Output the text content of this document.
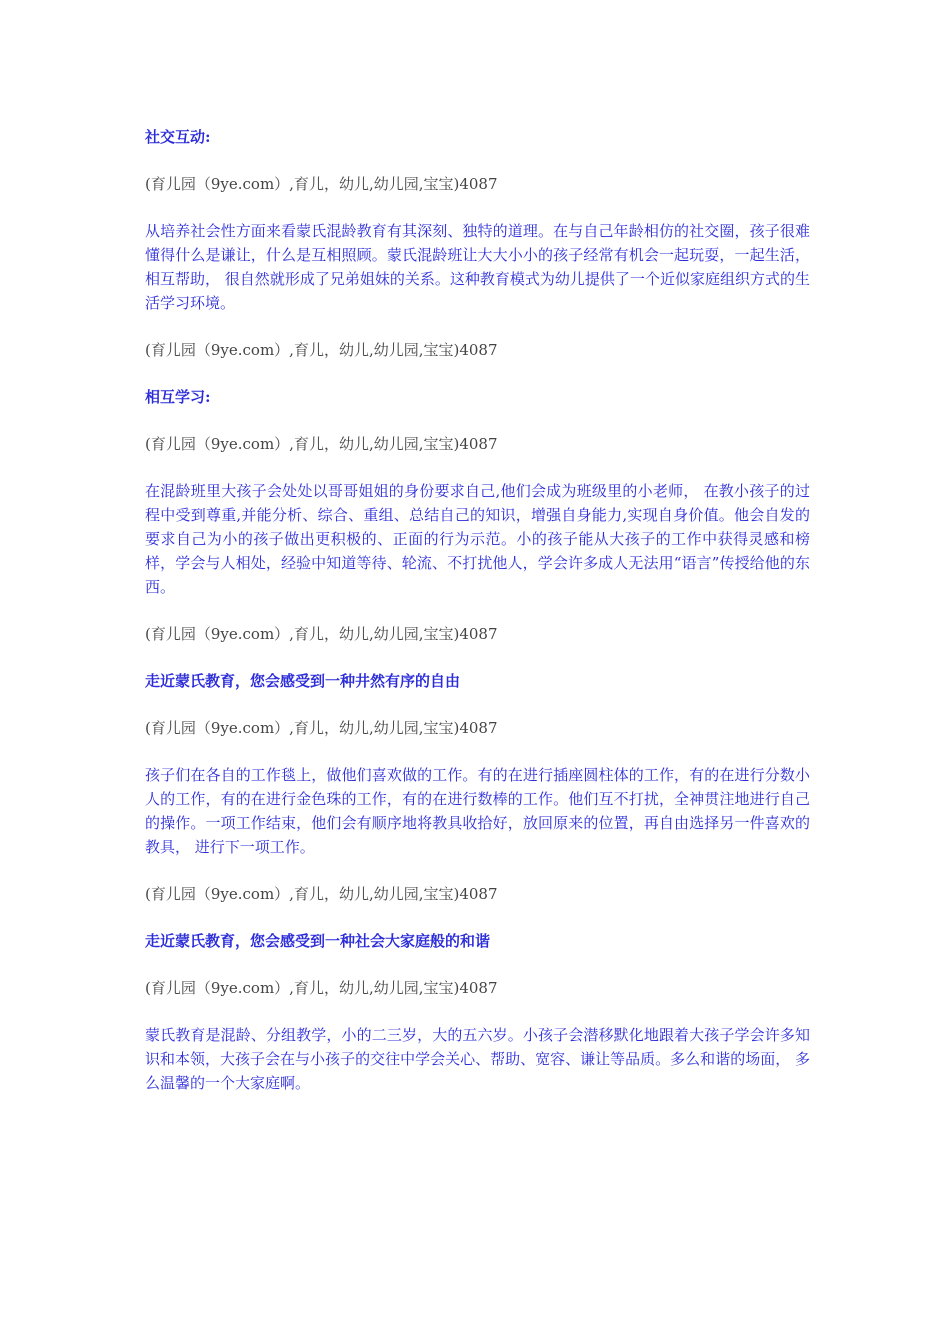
社交互动:
(育儿园（9ye.com）,育儿，幼儿,幼儿园,宝宝)4087
从培养社会性方面来看蒙氏混龄教育有其深刻、独特的道理。在与自己年龄相仿的社交圈，孩子很难懂得什么是谦让，什么是互相照顾。蒙氏混龄班让大大小小的孩子经常有机会一起玩耍，一起生活，相互帮助， 很自然就形成了兄弟姐妹的关系。这种教育模式为幼儿提供了一个近似家庭组织方式的生活学习环境。
(育儿园（9ye.com）,育儿，幼儿,幼儿园,宝宝)4087
相互学习:
(育儿园（9ye.com）,育儿，幼儿,幼儿园,宝宝)4087
在混龄班里大孩子会处处以哥哥姐姐的身份要求自己,他们会成为班级里的小老师， 在教小孩子的过程中受到尊重,并能分析、综合、重组、总结自己的知识，增强自身能力,实现自身价值。他会自发的要求自己为小的孩子做出更积极的、正面的行为示范。小的孩子能从大孩子的工作中获得灵感和榜样，学会与人相处，经验中知道等待、轮流、不打扰他人，学会许多成人无法用“语言”传授给他的东西。
(育儿园（9ye.com）,育儿，幼儿,幼儿园,宝宝)4087
走近蒙氏教育，您会感受到一种井然有序的自由
(育儿园（9ye.com）,育儿，幼儿,幼儿园,宝宝)4087
孩子们在各自的工作毯上，做他们喜欢做的工作。有的在进行插座圆柱体的工作，有的在进行分数小人的工作，有的在进行金色珠的工作，有的在进行数棒的工作。他们互不打扰，全神贯注地进行自己的操作。一项工作结束，他们会有顺序地将教具收拾好，放回原来的位置，再自由选择另一件喜欢的教具， 进行下一项工作。
(育儿园（9ye.com）,育儿，幼儿,幼儿园,宝宝)4087
走近蒙氏教育，您会感受到一种社会大家庭般的和谐
(育儿园（9ye.com）,育儿，幼儿,幼儿园,宝宝)4087
蒙氏教育是混龄、分组教学，小的二三岁，大的五六岁。小孩子会潜移默化地跟着大孩子学会许多知识和本领，大孩子会在与小孩子的交往中学会关心、帮助、宽容、谦让等品质。多么和谐的场面， 多么温馨的一个大家庭啊。
